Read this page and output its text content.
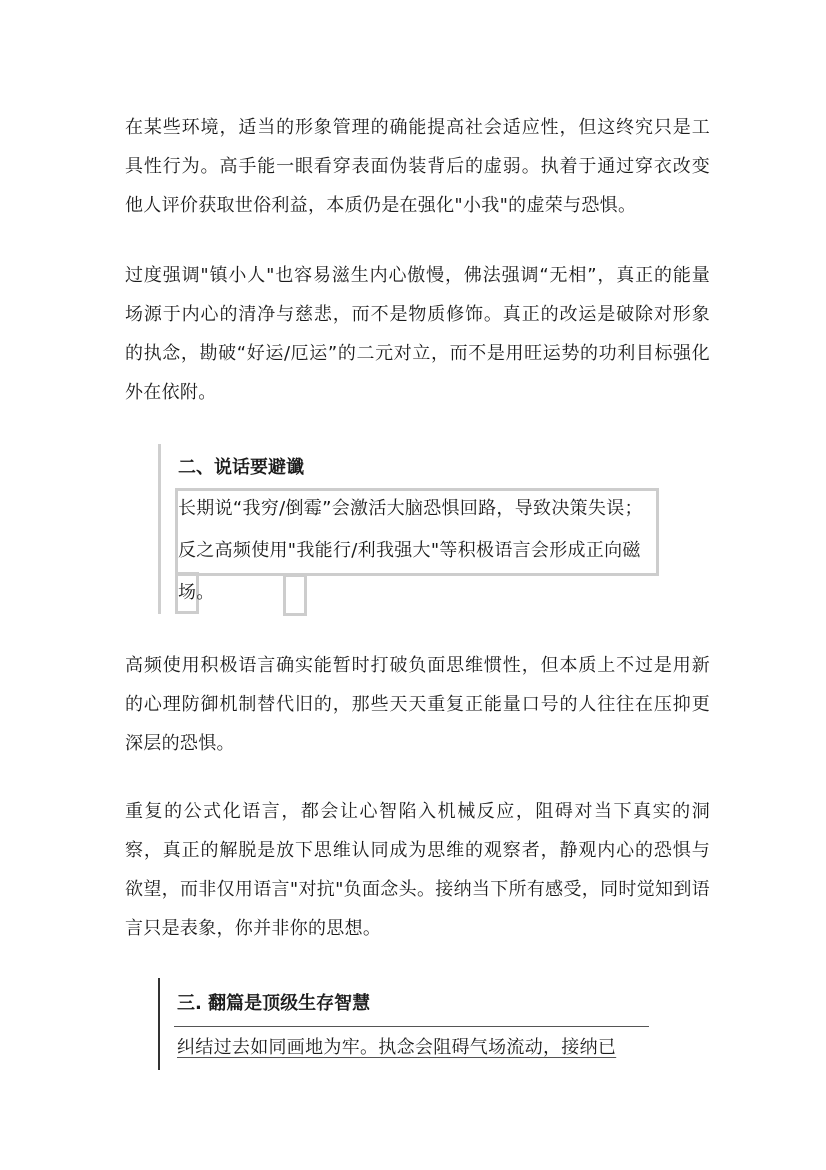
在某些环境，适当的形象管理的确能提高社会适应性，但这终究只是工具性行为。高手能一眼看穿表面伪装背后的虚弱。执着于通过穿衣改变他人评价获取世俗利益，本质仍是在强化"小我"的虚荣与恐惧。

过度强调"镇小人"也容易滋生内心傲慢，佛法强调“无相”，真正的能量场源于内心的清净与慈悲，而不是物质修饰。真正的改运是破除对形象的执念，勘破“好运/厄运”的二元对立，而不是用旺运势的功利目标强化外在依附。

二、说话要避谶

长期说“我穷/倒霉”会激活大脑恐惧回路，导致决策失误；反之高频使用"我能行/利我强大"等积极语言会形成正向磁场。

高频使用积极语言确实能暂时打破负面思维惯性，但本质上不过是用新的心理防御机制替代旧的，那些天天重复正能量口号的人往往在压抑更深层的恐惧。

重复的公式化语言，都会让心智陷入机械反应，阻碍对当下真实的洞察，真正的解脱是放下思维认同成为思维的观察者，静观内心的恐惧与欲望，而非仅用语言"对抗"负面念头。接纳当下所有感受，同时觉知到语言只是表象，你并非你的思想。

三. 翻篇是顶级生存智慧

纠结过去如同画地为牢。执念会阻碍气场流动，接纳已
